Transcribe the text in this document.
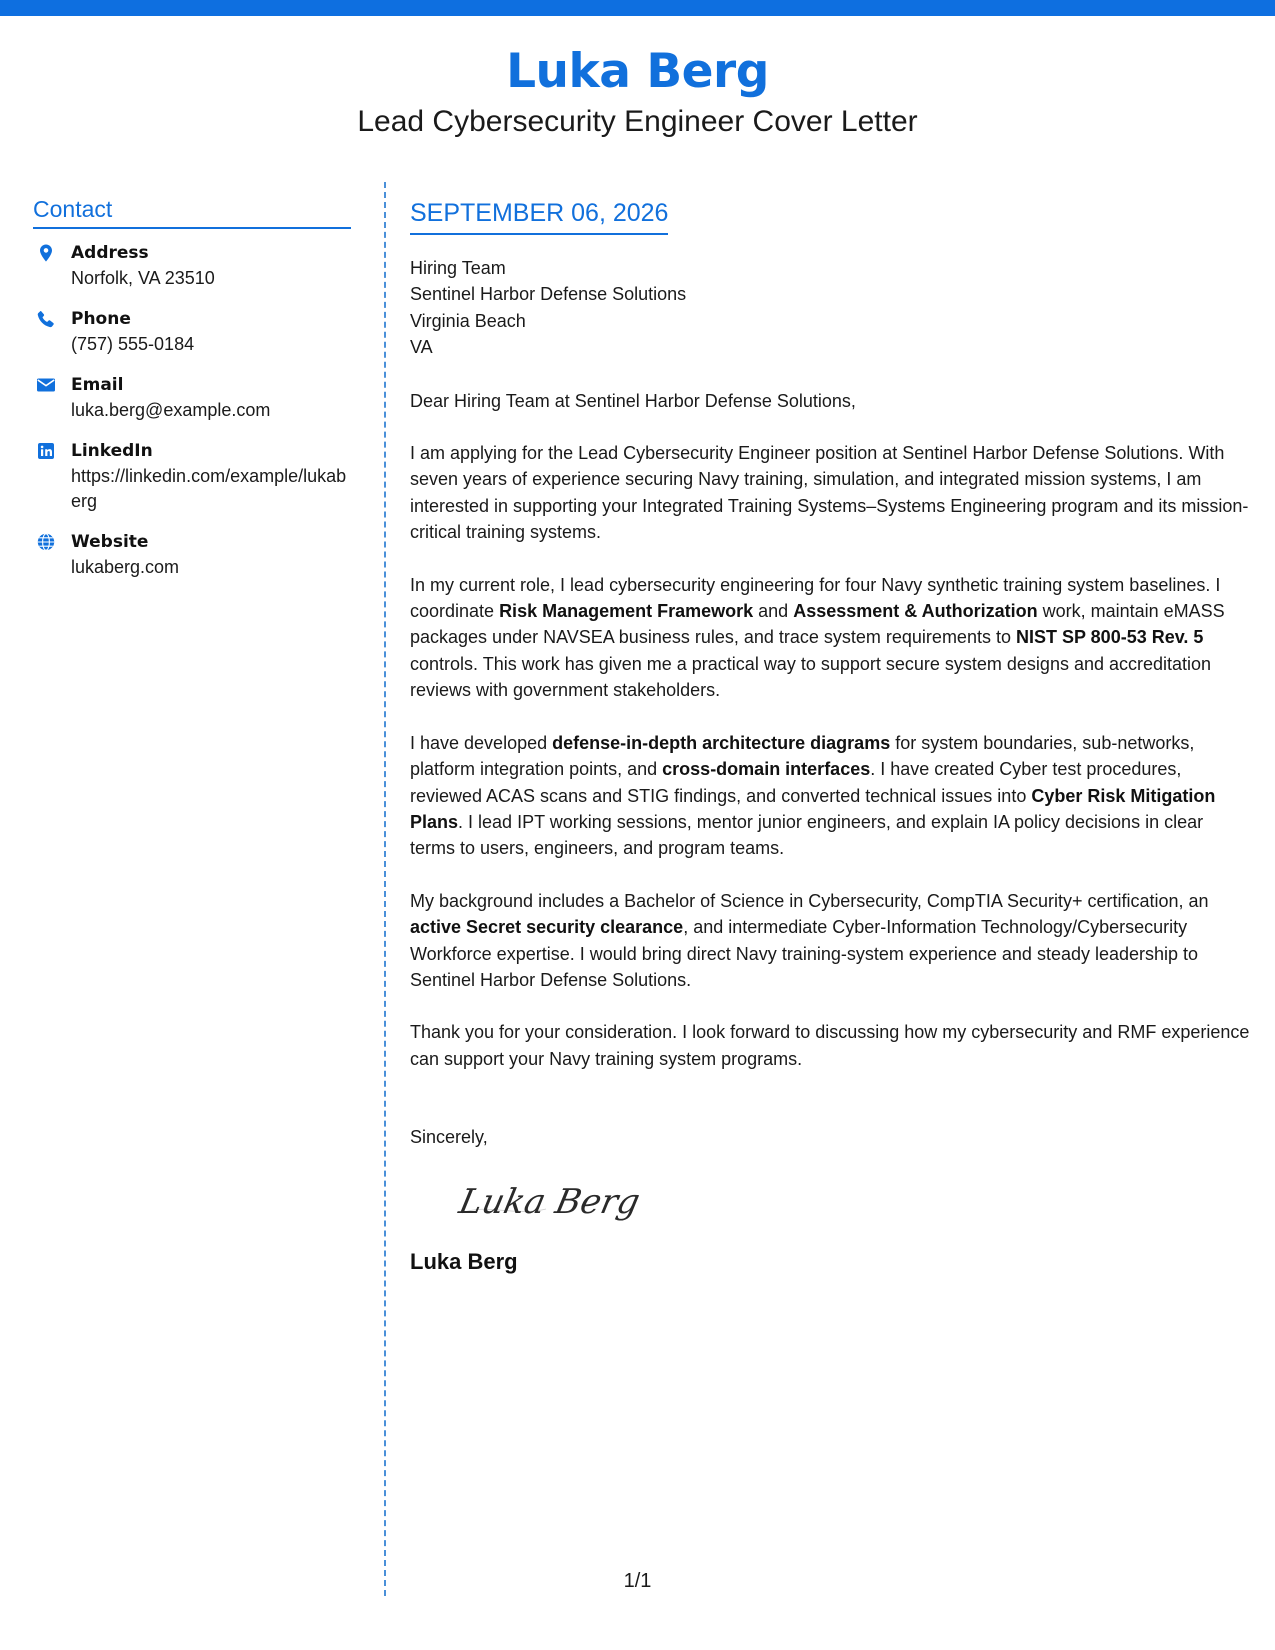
Luka Berg
Lead Cybersecurity Engineer Cover Letter
Contact
Address
Norfolk, VA 23510
Phone
(757) 555-0184
Email
luka.berg@example.com
LinkedIn
https://linkedin.com/example/lukaberg
Website
lukaberg.com
SEPTEMBER 06, 2026
Hiring Team
Sentinel Harbor Defense Solutions
Virginia Beach
VA
Dear Hiring Team at Sentinel Harbor Defense Solutions,
I am applying for the Lead Cybersecurity Engineer position at Sentinel Harbor Defense Solutions. With seven years of experience securing Navy training, simulation, and integrated mission systems, I am interested in supporting your Integrated Training Systems–Systems Engineering program and its mission-critical training systems.
In my current role, I lead cybersecurity engineering for four Navy synthetic training system baselines. I coordinate Risk Management Framework and Assessment & Authorization work, maintain eMASS packages under NAVSEA business rules, and trace system requirements to NIST SP 800-53 Rev. 5 controls. This work has given me a practical way to support secure system designs and accreditation reviews with government stakeholders.
I have developed defense-in-depth architecture diagrams for system boundaries, sub-networks, platform integration points, and cross-domain interfaces. I have created Cyber test procedures, reviewed ACAS scans and STIG findings, and converted technical issues into Cyber Risk Mitigation Plans. I lead IPT working sessions, mentor junior engineers, and explain IA policy decisions in clear terms to users, engineers, and program teams.
My background includes a Bachelor of Science in Cybersecurity, CompTIA Security+ certification, an active Secret security clearance, and intermediate Cyber-Information Technology/Cybersecurity Workforce expertise. I would bring direct Navy training-system experience and steady leadership to Sentinel Harbor Defense Solutions.
Thank you for your consideration. I look forward to discussing how my cybersecurity and RMF experience can support your Navy training system programs.
Sincerely,
Luka Berg
Luka Berg
1/1
